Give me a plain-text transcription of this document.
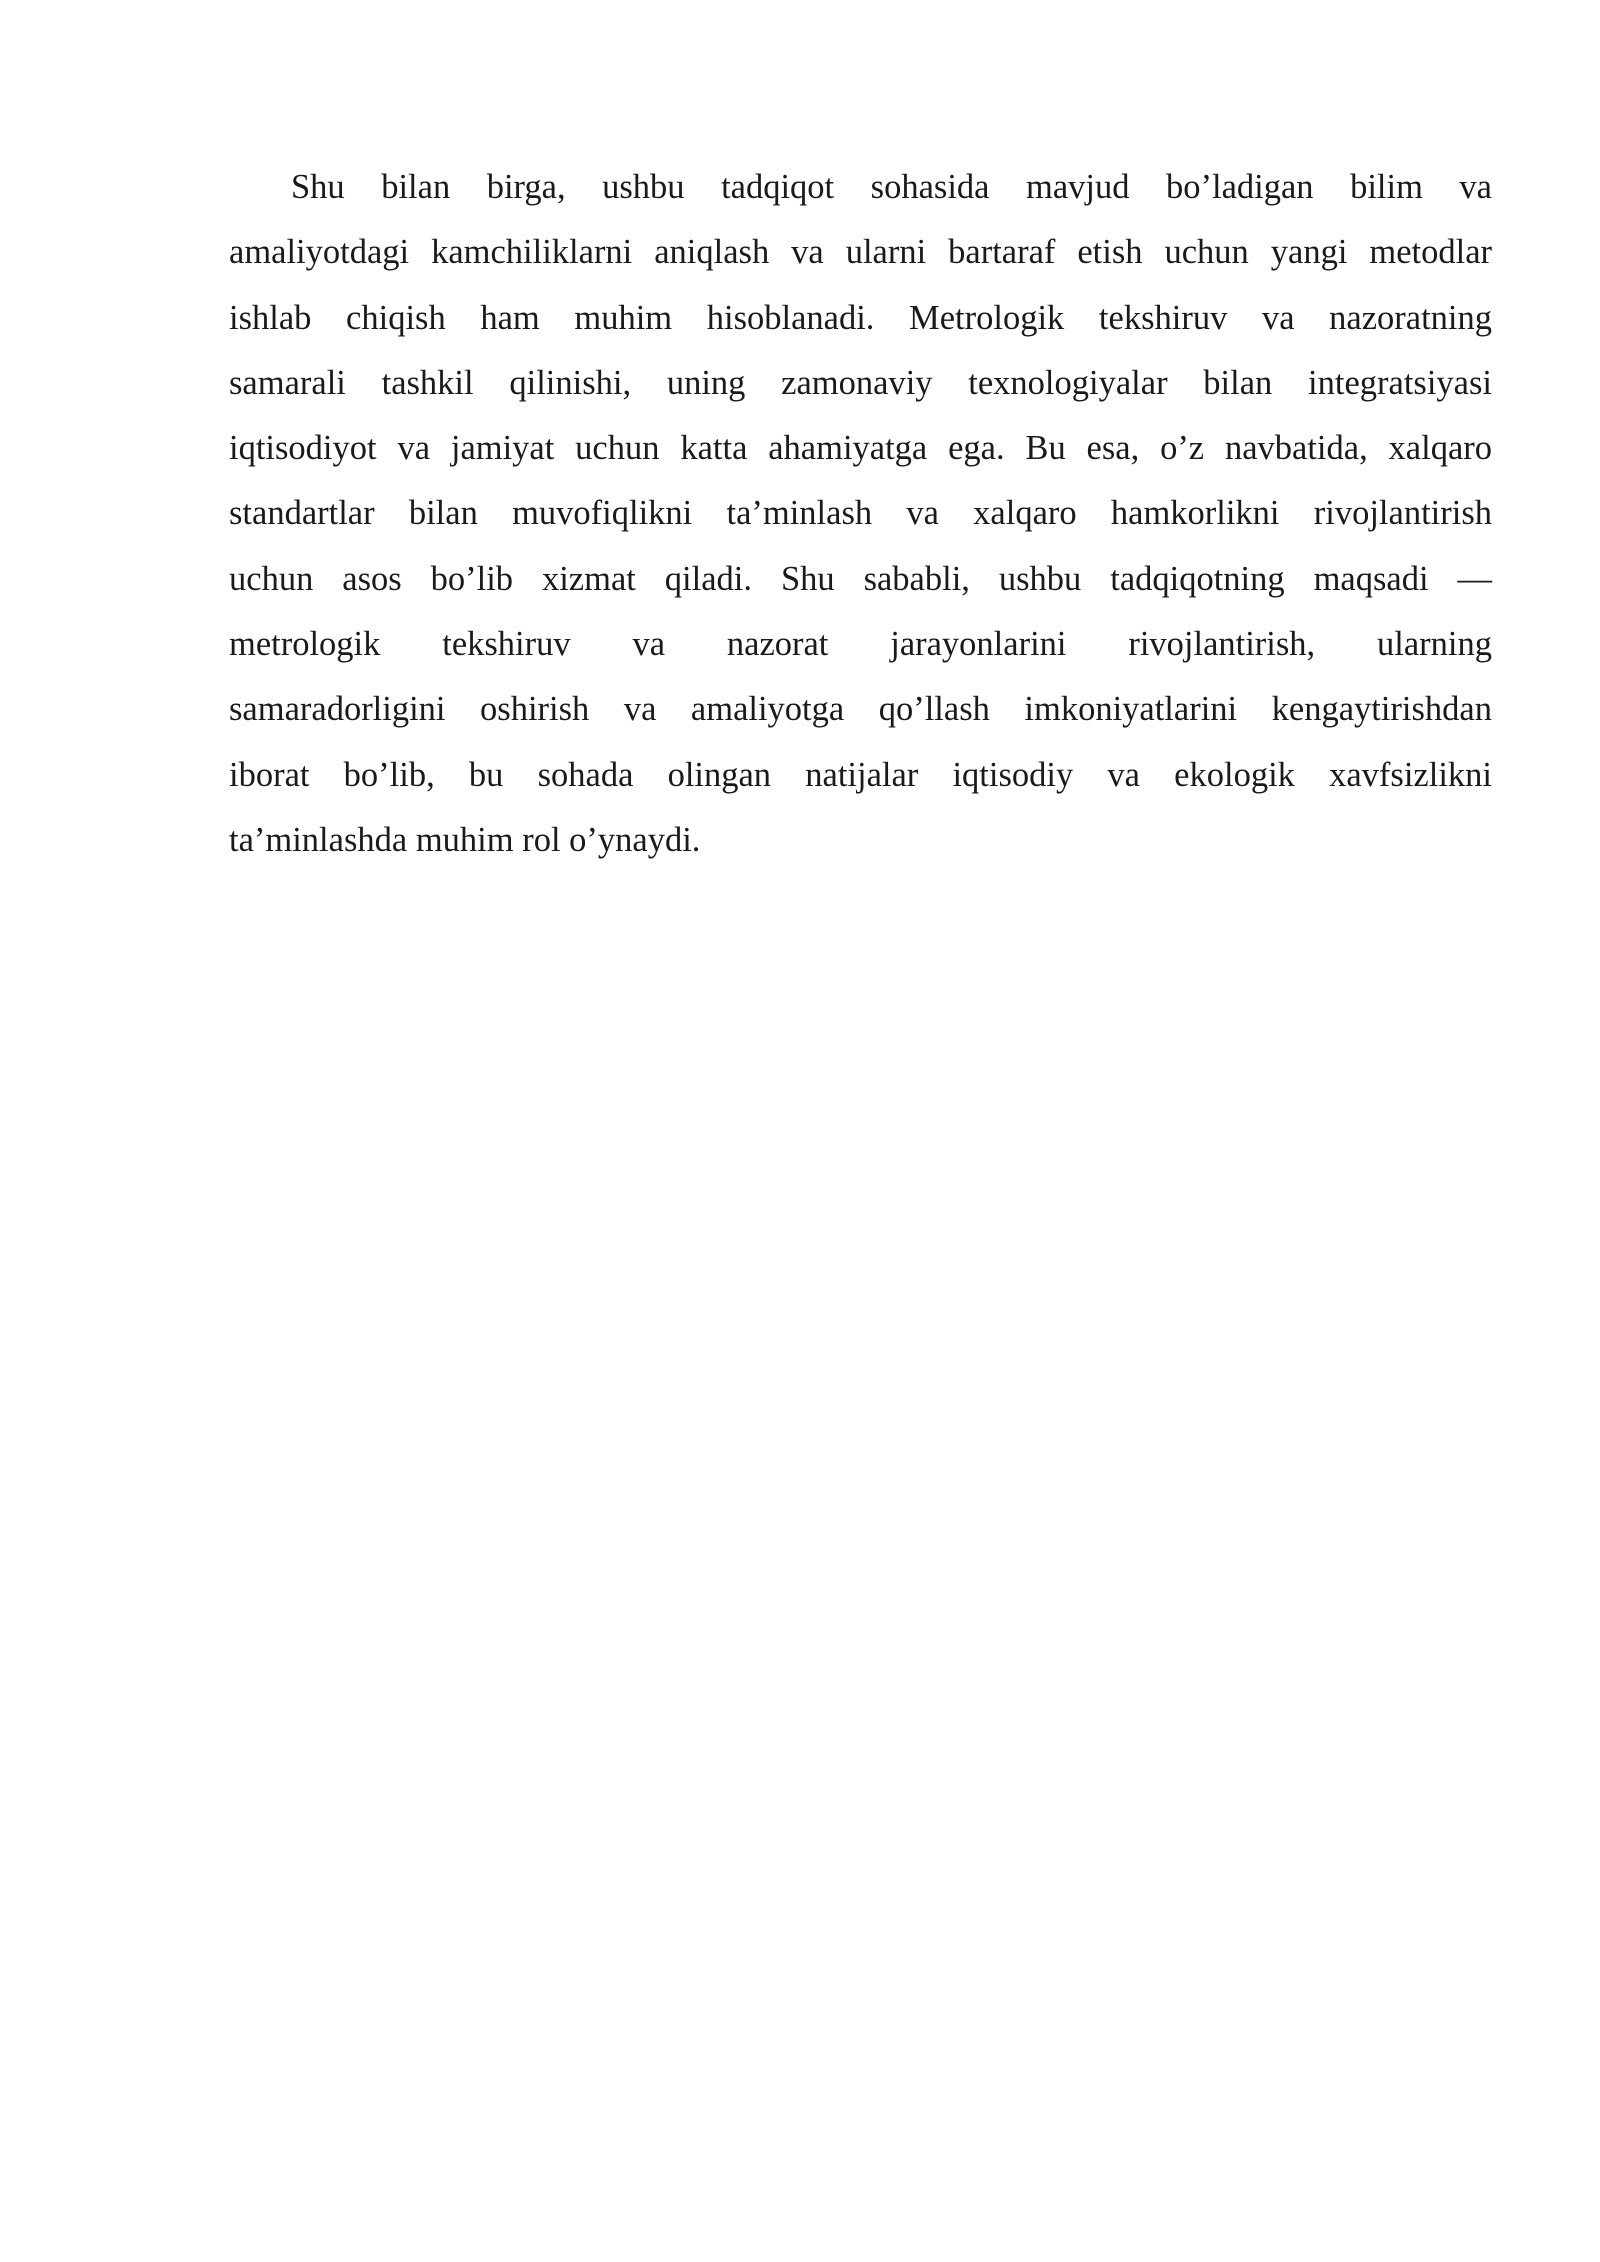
Shu bilan birga, ushbu tadqiqot sohasida mavjud bo’ladigan bilim va
amaliyotdagi kamchiliklarni aniqlash va ularni bartaraf etish uchun yangi metodlar
ishlab chiqish ham muhim hisoblanadi. Metrologik tekshiruv va nazoratning
samarali tashkil qilinishi, uning zamonaviy texnologiyalar bilan integratsiyasi
iqtisodiyot va jamiyat uchun katta ahamiyatga ega. Bu esa, o’z navbatida, xalqaro
standartlar bilan muvofiqlikni ta’minlash va xalqaro hamkorlikni rivojlantirish
uchun asos bo’lib xizmat qiladi. Shu sababli, ushbu tadqiqotning maqsadi —
metrologik tekshiruv va nazorat jarayonlarini rivojlantirish, ularning
samaradorligini oshirish va amaliyotga qo’llash imkoniyatlarini kengaytirishdan
iborat bo’lib, bu sohada olingan natijalar iqtisodiy va ekologik xavfsizlikni
ta’minlashda muhim rol o’ynaydi.
